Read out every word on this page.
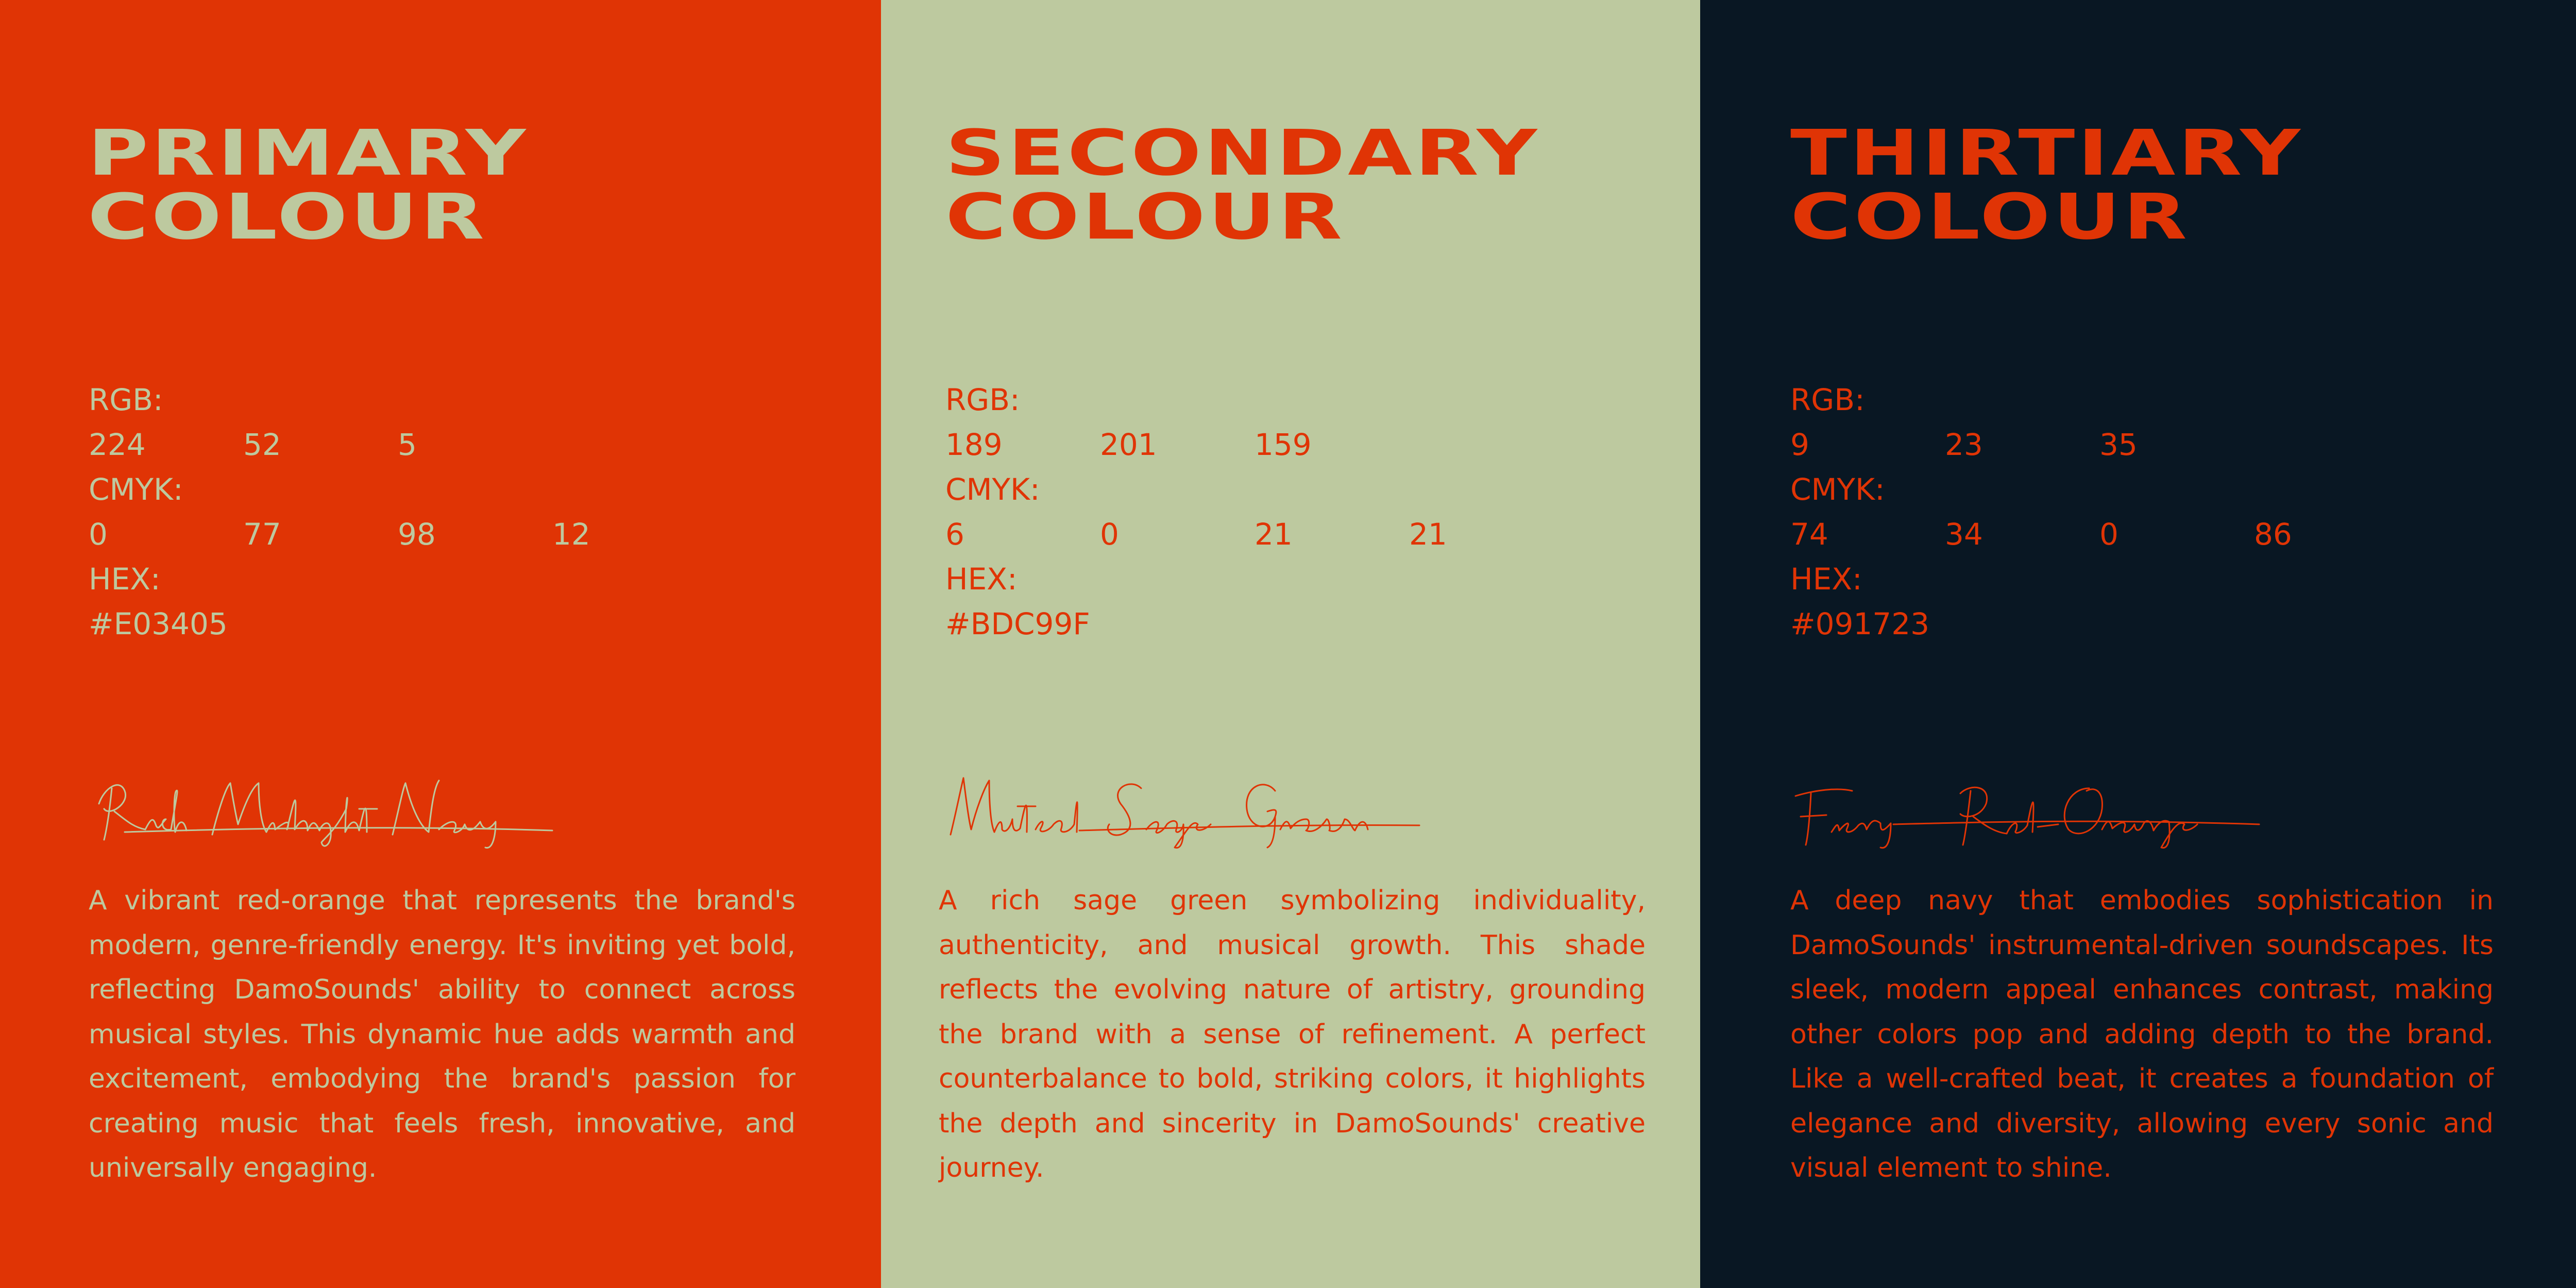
PRIMARY
COLOUR
RGB:
224	52	5
CMYK:
0	77	98	12
HEX:
#E03405

A vibrant red-orange that represents the brand's modern, genre-friendly energy. It's inviting yet bold, reflecting DamoSounds' ability to connect across musical styles. This dynamic hue adds warmth and excitement, embodying the brand's passion for creating music that feels fresh, innovative, and universally engaging.

SECONDARY
COLOUR
RGB:
189	201	159
CMYK:
6	0	21	21
HEX:
#BDC99F

A rich sage green symbolizing individuality, authenticity, and musical growth. This shade reflects the evolving nature of artistry, grounding the brand with a sense of refinement. A perfect counterbalance to bold, striking colors, it highlights the depth and sincerity in DamoSounds' creative journey.

THIRTIARY
COLOUR
RGB:
9	23	35
CMYK:
74	34	0	86
HEX:
#091723

A deep navy that embodies sophistication in DamoSounds' instrumental-driven soundscapes. Its sleek, modern appeal enhances contrast, making other colors pop and adding depth to the brand. Like a well-crafted beat, it creates a foundation of elegance and diversity, allowing every sonic and visual element to shine.
